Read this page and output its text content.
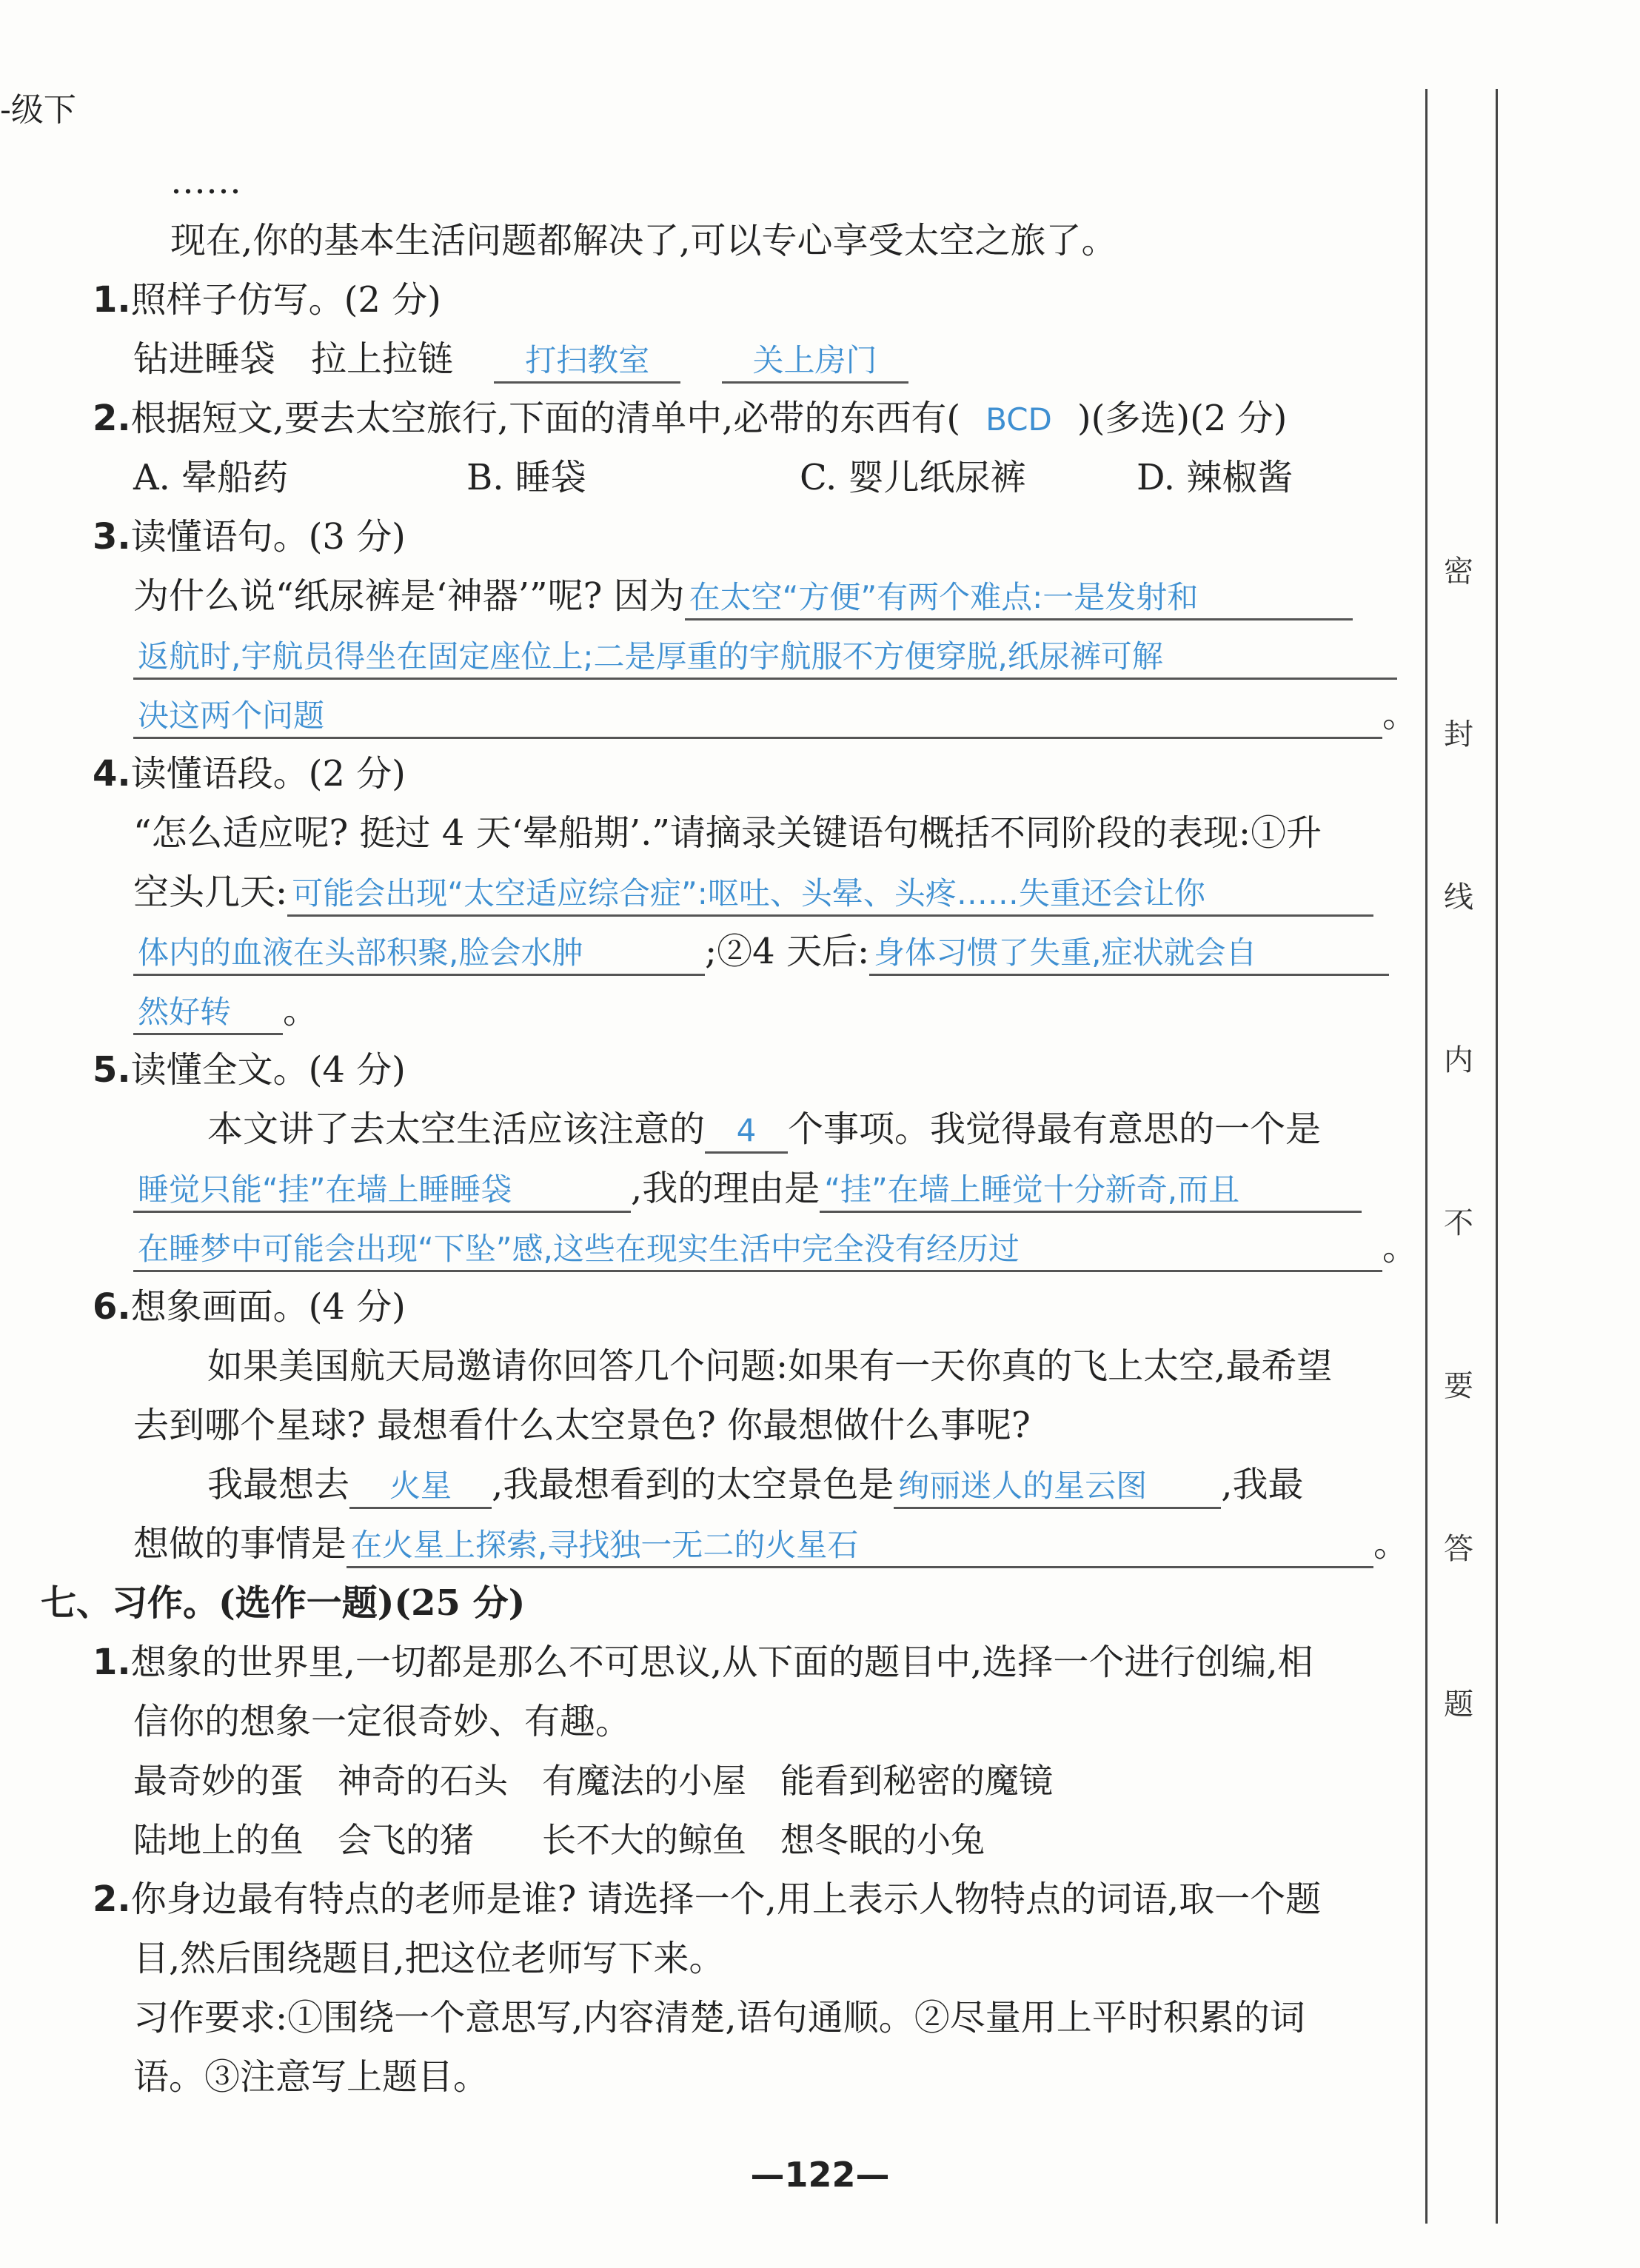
-级下
……
现在,你的基本生活问题都解决了,可以专心享受太空之旅了。
1.照样子仿写。(2 分)
钻进睡袋　拉上拉链 打扫教室	关上房门
2.根据短文,要去太空旅行,下面的清单中,必带的东西有( BCD )(多选)(2 分)
A. 晕船药	B. 睡袋	C. 婴儿纸尿裤	D. 辣椒酱
3.读懂语句。(3 分)
为什么说“纸尿裤是‘神器’”呢? 因为 在太空“方便”有两个难点:一是发射和
返航时,宇航员得坐在固定座位上;二是厚重的宇航服不方便穿脱,纸尿裤可解
决这两个问题	。
4.读懂语段。(2 分)
“怎么适应呢? 挺过 4 天‘晕船期’.”请摘录关键语句概括不同阶段的表现:①升
空头几天: 可能会出现“太空适应综合症”:呕吐、头晕、头疼……失重还会让你
体内的血液在头部积聚,脸会水肿	;②4 天后: 身体习惯了失重,症状就会自
然好转 。
5.读懂全文。(4 分)
本文讲了去太空生活应该注意的 4 个事项。我觉得最有意思的一个是
睡觉只能“挂”在墙上睡睡袋	,我的理由是 “挂”在墙上睡觉十分新奇,而且
在睡梦中可能会出现“下坠”感,这些在现实生活中完全没有经历过	。
6.想象画面。(4 分)
如果美国航天局邀请你回答几个问题:如果有一天你真的飞上太空,最希望
去到哪个星球? 最想看什么太空景色? 你最想做什么事呢?
我最想去 火星 ,我最想看到的太空景色是 绚丽迷人的星云图 ,我最
想做的事情是 在火星上探索,寻找独一无二的火星石	。
七、习作。(选作一题)(25 分)
1.想象的世界里,一切都是那么不可思议,从下面的题目中,选择一个进行创编,相
信你的想象一定很奇妙、有趣。
最奇妙的蛋　神奇的石头　有魔法的小屋　能看到秘密的魔镜
陆地上的鱼　会飞的猪　　长不大的鲸鱼　想冬眠的小兔
2.你身边最有特点的老师是谁? 请选择一个,用上表示人物特点的词语,取一个题
目,然后围绕题目,把这位老师写下来。
习作要求:①围绕一个意思写,内容清楚,语句通顺。②尽量用上平时积累的词
语。③注意写上题目。
密
封
线
内
不
要
答
题
—122—
